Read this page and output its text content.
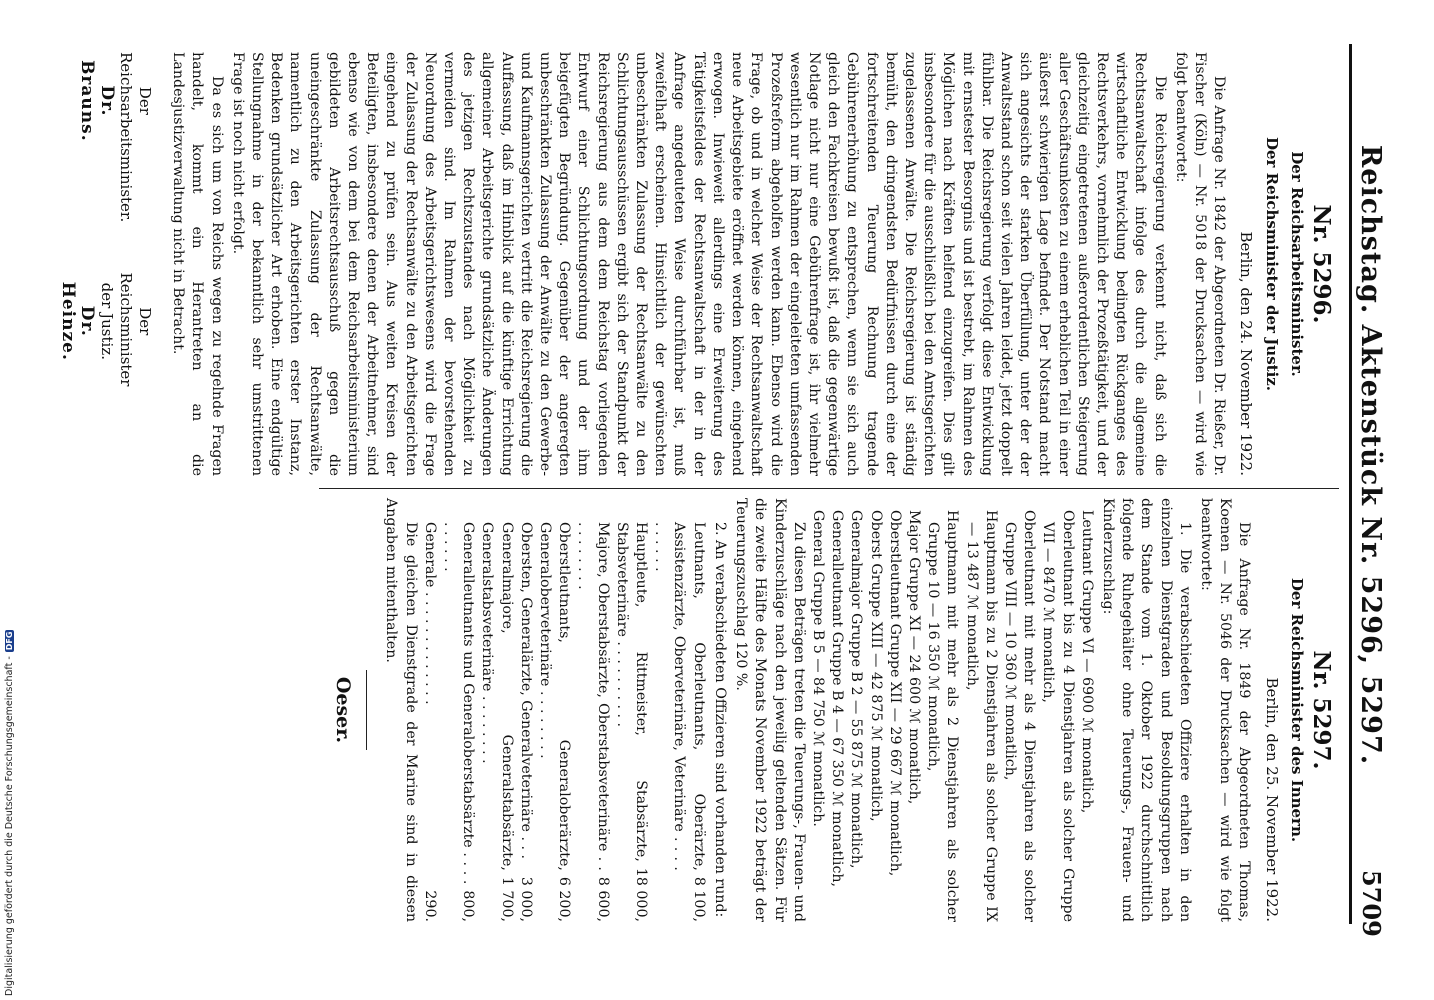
Reichstag. Aktenstück Nr. 5296, 5297.
5709
Nr. 5296.
Der Reichsarbeitsminister.
Der Reichsminister der Justiz.
Berlin, den 24. November 1922.

Die Anfrage Nr. 1842 der Abgeordneten Dr. Rießer, Dr. Fischer (Köln) — Nr. 5018 der Drucksachen — wird wie folgt beantwortet:

Die Reichsregierung verkennt nicht, daß sich die Rechtsanwaltschaft infolge des durch die allgemeine wirtschaftliche Entwicklung bedingten Rückganges des Rechtsverkehrs, vornehmlich der Prozeßtätigkeit, und der gleichzeitig eingetretenen außerordentlichen Steigerung aller Geschäftsunkosten zu einem erheblichen Teil in einer äußerst schwierigen Lage befindet. Der Notstand macht sich angesichts der starken Überfüllung, unter der der Anwaltsstand schon seit vielen Jahren leidet, jetzt doppelt fühlbar. Die Reichsregierung verfolgt diese Entwicklung mit ernstester Besorgnis und ist bestrebt, im Rahmen des Möglichen nach Kräften helfend einzugreifen. Dies gilt insbesondere für die ausschließlich bei den Amtsgerichten zugelassenen Anwälte. Die Reichsregierung ist ständig bemüht, den dringendsten Bedürfnissen durch eine der fortschreitenden Teuerung Rechnung tragende Gebührenerhöhung zu entsprechen, wenn sie sich auch gleich den Fachkreisen bewußt ist, daß die gegenwärtige Notlage nicht nur eine Gebührenfrage ist, ihr vielmehr wesentlich nur im Rahmen der eingeleiteten umfassenden Prozeßreform abgeholfen werden kann. Ebenso wird die Frage, ob und in welcher Weise der Rechtsanwaltschaft neue Arbeitsgebiete eröffnet werden können, eingehend erwogen. Inwieweit allerdings eine Erweiterung des Tätigkeitsfeldes der Rechtsanwaltschaft in der in der Anfrage angedeuteten Weise durchführbar ist, muß zweifelhaft erscheinen. Hinsichtlich der gewünschten unbeschränkten Zulassung der Rechtsanwälte zu den Schlichtungsausschüssen ergibt sich der Standpunkt der Reichsregierung aus dem dem Reichstag vorliegenden Entwurf einer Schlichtungsordnung und der ihm beigefügten Begründung. Gegenüber der angeregten unbeschränkten Zulassung der Anwälte zu den Gewerbe- und Kaufmannsgerichten vertritt die Reichsregierung die Auffassung, daß im Hinblick auf die künftige Errichtung allgemeiner Arbeitsgerichte grundsätzliche Änderungen des jetzigen Rechtszustandes nach Möglichkeit zu vermeiden sind. Im Rahmen der bevorstehenden Neuordnung des Arbeitsgerichtswesens wird die Frage der Zulassung der Rechtsanwälte zu den Arbeitsgerichten eingehend zu prüfen sein. Aus weiten Kreisen der Beteiligten, insbesondere denen der Arbeitnehmer, sind ebenso wie von dem bei dem Reichsarbeitsministerium gebildeten Arbeitsrechtsausschuß gegen die uneingeschränkte Zulassung der Rechtsanwälte, namentlich zu den Arbeitsgerichten erster Instanz, Bedenken grundsätzlicher Art erhoben. Eine endgültige Stellungnahme in der bekanntlich sehr umstrittenen Frage ist noch nicht erfolgt.

Da es sich um von Reichs wegen zu regelnde Fragen handelt, kommt ein Herantreten an die Landesjustizverwaltung nicht in Betracht.

Der Reichsarbeitsminister.
Dr. Brauns.
Der Reichsminister der Justiz.
Dr. Heinze.
Nr. 5297.
Der Reichsminister des Innern.
Berlin, den 25. November 1922.

Die Anfrage Nr. 1849 der Abgeordneten Thomas, Koenen — Nr. 5046 der Drucksachen — wird wie folgt beantwortet:

1. Die verabschiedeten Offiziere erhalten in den einzelnen Dienstgraden und Besoldungsgruppen nach dem Stande vom 1. Oktober 1922 durchschnittlich folgende Ruhegehälter ohne Teuerungs-, Frauen- und Kinderzuschlag:

Leutnant Gruppe VI — 6900 ℳ monatlich,
Oberleutnant bis zu 4 Dienstjahren als solcher Gruppe VII — 8470 ℳ monatlich,
Oberleutnant mit mehr als 4 Dienstjahren als solcher Gruppe VIII — 10 360 ℳ monatlich,
Hauptmann bis zu 2 Dienstjahren als solcher Gruppe IX — 13 487 ℳ monatlich,
Hauptmann mit mehr als 2 Dienstjahren als solcher Gruppe 10 — 16 350 ℳ monatlich,
Major Gruppe XI — 24 600 ℳ monatlich,
Oberstleutnant Gruppe XII — 29 667 ℳ monatlich,
Oberst Gruppe XIII — 42 875 ℳ monatlich,
Generalmajor Gruppe B 2 — 55 875 ℳ monatlich,
Generalleutnant Gruppe B 4 — 67 350 ℳ monatlich,
General Gruppe B 5 — 84 750 ℳ monatlich.

Zu diesen Beträgen treten die Teuerungs-, Frauen- und Kinderzuschläge nach den jeweilig geltenden Sätzen. Für die zweite Hälfte des Monats November 1922 beträgt der Teuerungszuschlag 120 %.

2. An verabschiedeten Offizieren sind vorhanden rund:

Leutnants, Oberleutnants, Oberärzte, Assistenzärzte, Oberveterinäre, Veterinäre . . . . . . . . . .
8 100,
Hauptleute, Rittmeister, Stabsärzte, Stabsveterinäre . . . . . . . . . .
18 000,
Majore, Oberstabsärzte, Oberstabsveterinäre . . . . . . . . . .
8 600,
Oberstleutnants, Generaloberärzte, Generaloberveterinäre . . . . . . . .
6 200,
Obersten, Generalärzte, Generalveterinäre . . .
3 000,
Generalmajore, Generalstabsärzte, Generalstabsveterinäre . . . . . . . .
1 700,
Generalleutnants und Generaloberstabsärzte . . . . . . . . . .
800,
Generale . . . . . . . . . . . . .
290.

Die gleichen Dienstgrade der Marine sind in diesen Angaben mitenthalten.

Oeser.
Digitalisierung gefördert durch die Deutsche Forschungsgemeinschaft -DFG
